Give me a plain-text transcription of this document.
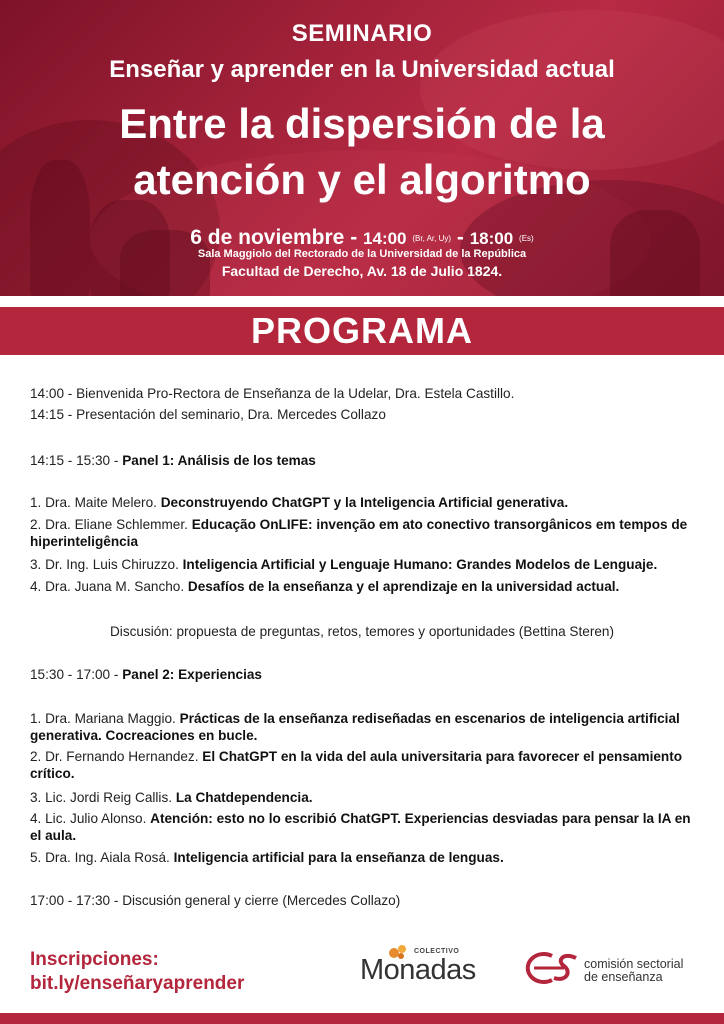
SEMINARIO
Enseñar y aprender en la Universidad actual
Entre la dispersión de la
atención y el algoritmo
6 de noviembre - 14:00 (Br, Ar, Uy) - 18:00 (Es)
Sala Maggiolo del Rectorado de la Universidad de la República
Facultad de Derecho, Av. 18 de Julio 1824.
PROGRAMA
14:00 - Bienvenida Pro-Rectora de Enseñanza de la Udelar, Dra. Estela Castillo.
14:15 - Presentación del seminario, Dra. Mercedes Collazo
14:15 - 15:30 - Panel 1: Análisis de los temas
1. Dra. Maite Melero. Deconstruyendo ChatGPT y la Inteligencia Artificial generativa.
2. Dra. Eliane Schlemmer. Educação OnLIFE: invenção em ato conectivo transorgânicos em tempos de hiperinteligência
3. Dr. Ing. Luis Chiruzzo. Inteligencia Artificial y Lenguaje Humano: Grandes Modelos de Lenguaje.
4. Dra. Juana M. Sancho. Desafíos de la enseñanza y el aprendizaje en la universidad actual.
Discusión: propuesta de preguntas, retos, temores y oportunidades (Bettina Steren)
15:30 - 17:00 - Panel 2: Experiencias
1. Dra. Mariana Maggio. Prácticas de la enseñanza rediseñadas en escenarios de inteligencia artificial generativa. Cocreaciones en bucle.
2. Dr. Fernando Hernandez. El ChatGPT en la vida del aula universitaria para favorecer el pensamiento crítico.
3. Lic. Jordi Reig Callis. La Chatdependencia.
4. Lic. Julio Alonso. Atención: esto no lo escribió ChatGPT. Experiencias desviadas para pensar la IA en el aula.
5. Dra. Ing. Aiala Rosá. Inteligencia artificial para la enseñanza de lenguas.
17:00 - 17:30 - Discusión general y cierre (Mercedes Collazo)
Inscripciones:
bit.ly/enseñaryaprender
COLECTIVO
Monadas	comisión sectorial
de enseñanza
